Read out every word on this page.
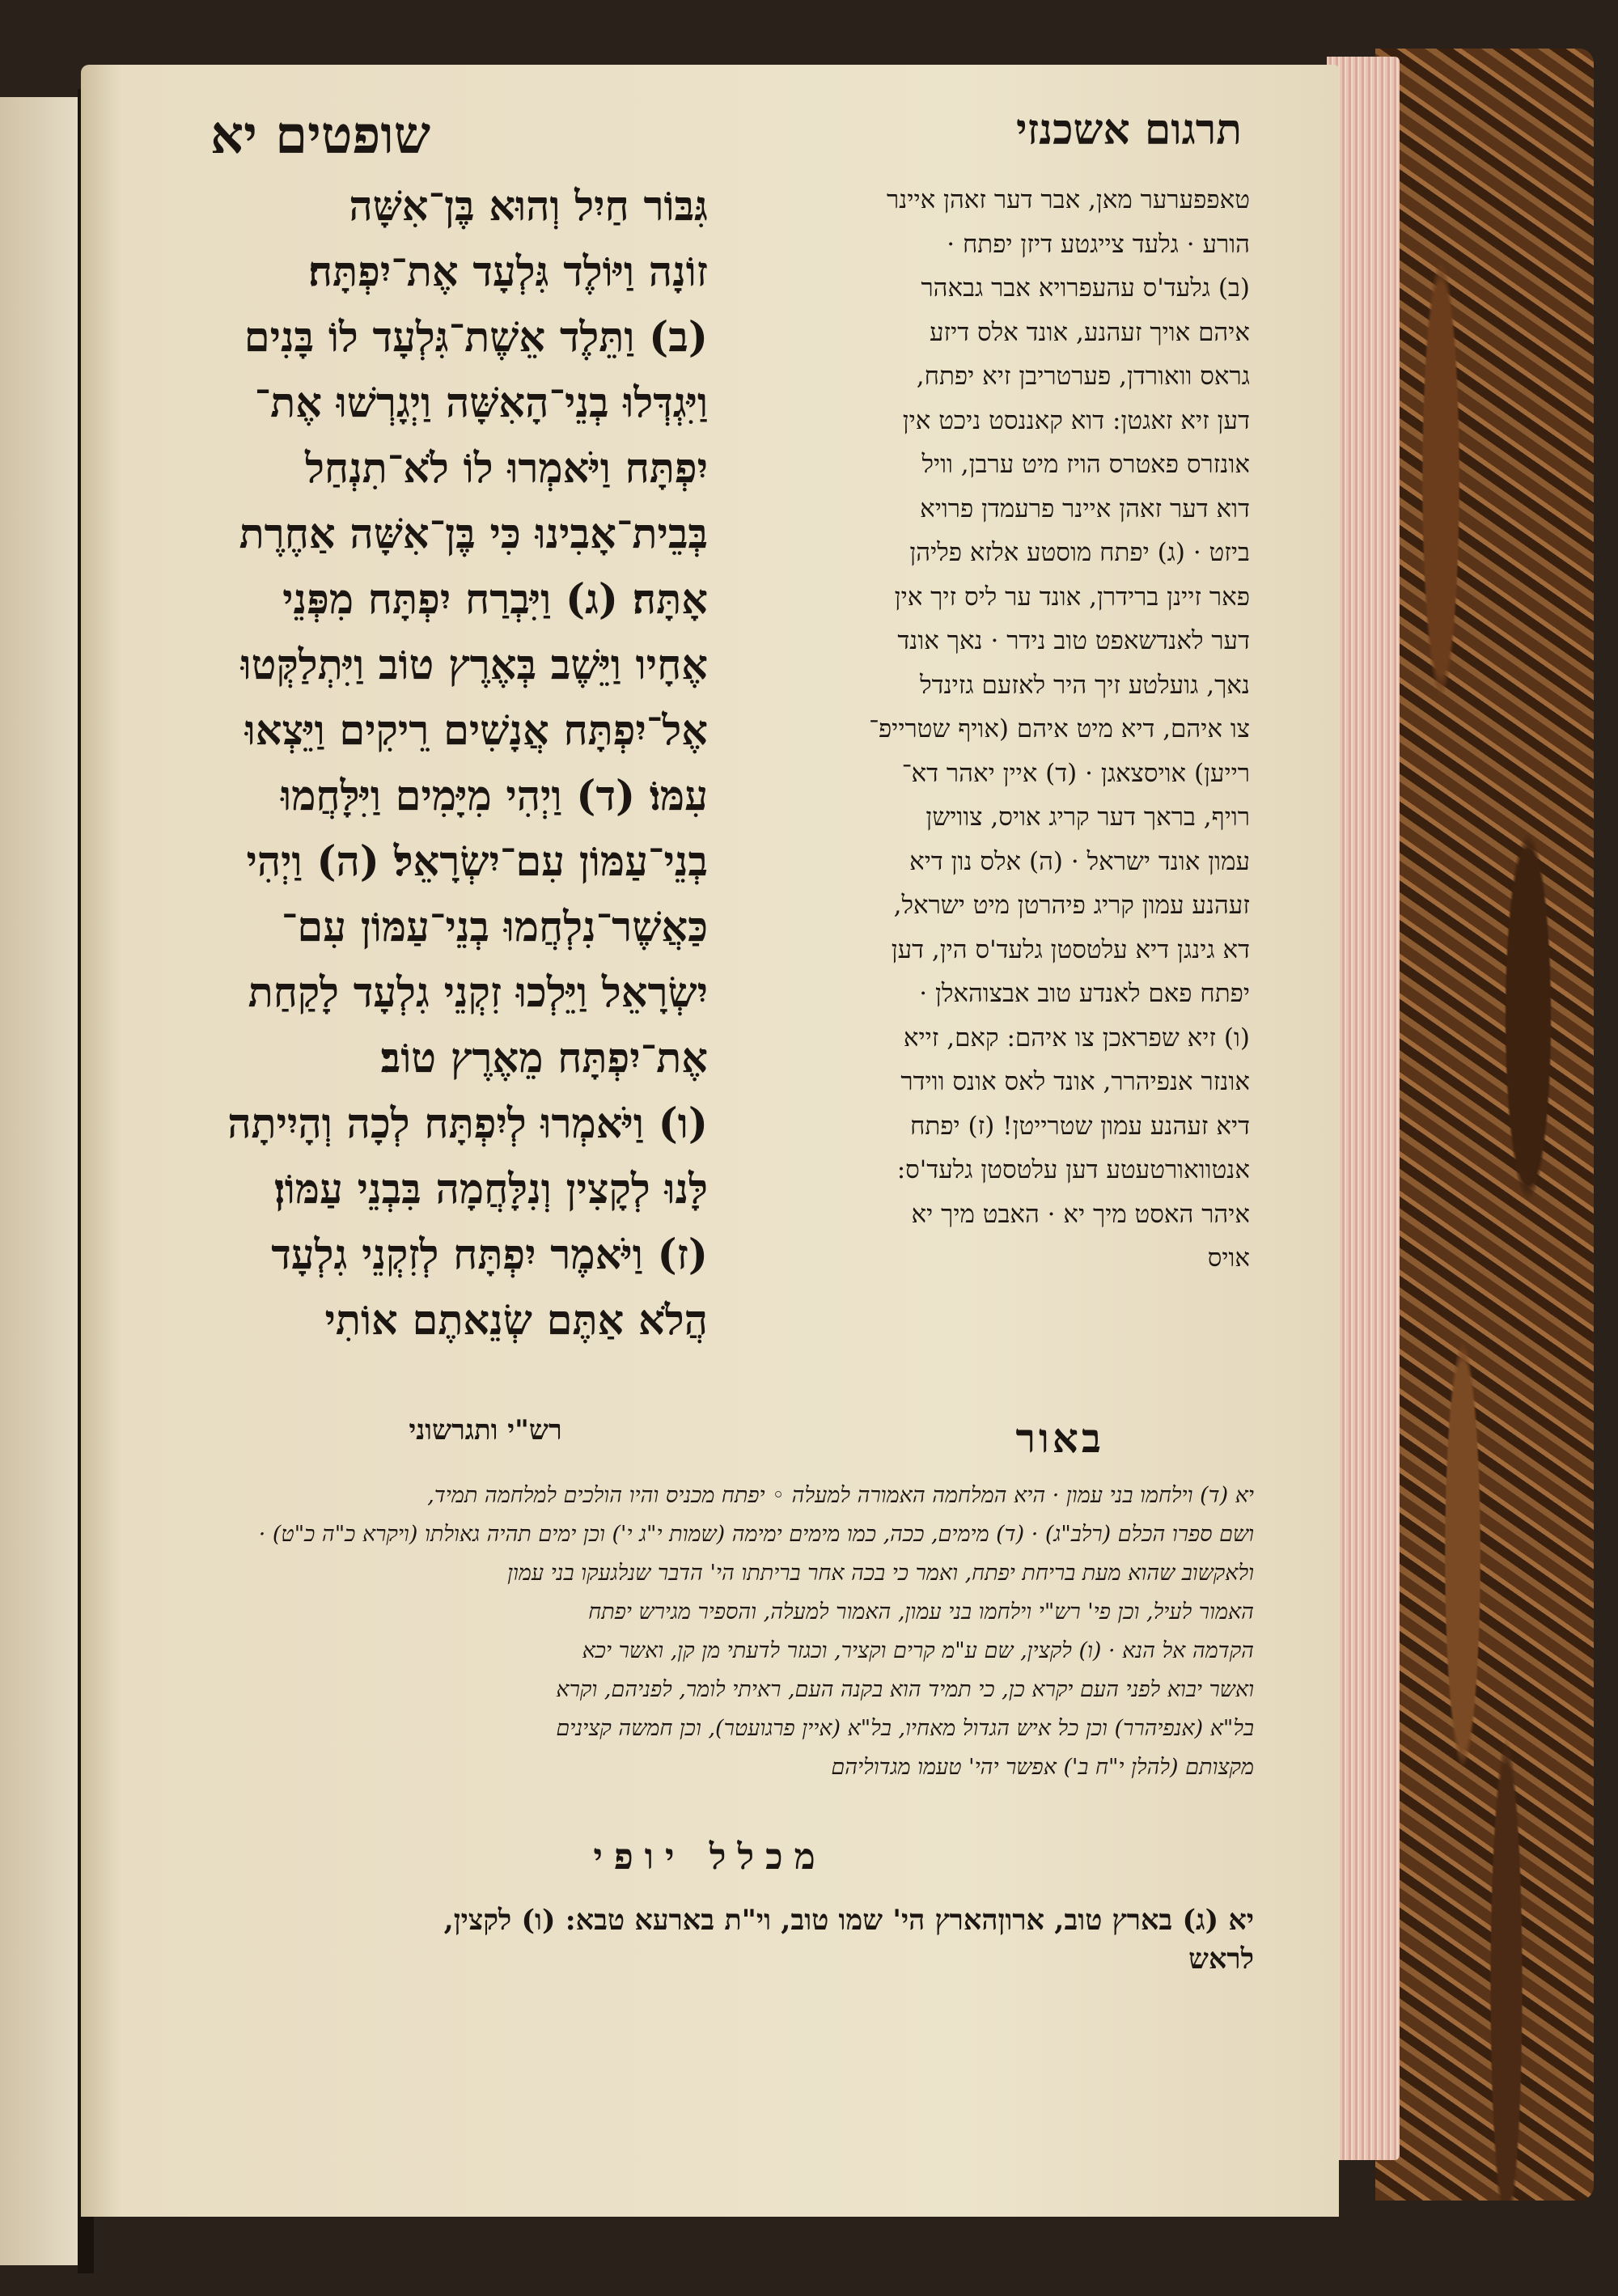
תרגום אשכנזי
שופטים יא

טאפפערער מאן, אבר דער זאהן איינר

הורע · גלעד צייגטע דיזן יפתח ·

(ב) גלעד'ס עהעפרויא אבר גבאהר

איהם אויך זעהנע, אונד אלס דיזע

גראס וואורדן, פערטריבן זיא יפתח,

דען זיא זאגטן: דוא קאננסט ניכט אין

אונזרס פאטרס הויז מיט ערבן, וויל

דוא דער זאהן איינר פרעמדן פרויא

ביזט · (ג) יפתח מוסטע אלזא פליהן

פאר זיינן ברידרן, אונד ער ליס זיך אין

דער לאנדשאפט טוב נידר · נאך אונד

נאך, גועלטע זיך היר לאזעם גזינדל

צו איהם, דיא מיט איהם (אויף שטרייפ־

רייען) אויסצאגן · (ד) איין יאהר דא־

רויף, בראך דער קריג אויס, צווישן

עמון אונד ישראל · (ה) אלס נון דיא

זעהנע עמון קריג פיהרטן מיט ישראל,

דא גינגן דיא עלטסטן גלעד'ס הין, דען

יפתח פאם לאנדע טוב אבצוהאלן ·

(ו) זיא שפראכן צו איהם: קאם, זייא

אונזר אנפיהרר, אונד לאס אונס ווידר

דיא זעהנע עמון שטרייטן! (ז) יפתח

אנטוואורטעטע דען עלטסטן גלעד'ס:

איהר האסט מיך יא · האבט מיך יא

אויס

גִּבּוֹר חַיִל וְהוּא בֶּן־אִשָּׁה

זוֹנָה וַיּוֹלֶד גִּלְעָד אֶת־יִפְתָּח׃

(ב) וַתֵּלֶד אֵשֶׁת־גִּלְעָד לוֹ בָּנִים

וַיִּגְדְּלוּ בְנֵי־הָאִשָּׁה וַיְגָרְשׁוּ אֶת־

יִפְתָּח וַיֹּאמְרוּ לוֹ לֹא־תִנְחַל

בְּבֵית־אָבִינוּ כִּי בֶּן־אִשָּׁה אַחֶרֶת

אָתָּה׃ (ג) וַיִּבְרַח יִפְתָּח מִפְּנֵי

אֶחָיו וַיֵּשֶׁב בְּאֶרֶץ טוֹב וַיִּתְלַקְּטוּ

אֶל־יִפְתָּח אֲנָשִׁים רֵיקִים וַיֵּצְאוּ

עִמּוֹ׃ (ד) וַיְהִי מִיָּמִים וַיִּלָּחֲמוּ

בְנֵי־עַמּוֹן עִם־יִשְׂרָאֵל׃ (ה) וַיְהִי

כַּאֲשֶׁר־נִלְחֲמוּ בְנֵי־עַמּוֹן עִם־

יִשְׂרָאֵל וַיֵּלְכוּ זִקְנֵי גִלְעָד לָקַחַת

אֶת־יִפְתָּח מֵאֶרֶץ טוֹב׃

(ו) וַיֹּאמְרוּ לְיִפְתָּח לְכָה וְהָיִיתָה

לָּנוּ לְקָצִין וְנִלָּחֲמָה בִּבְנֵי עַמּוֹן׃

(ז) וַיֹּאמֶר יִפְתָּח לְזִקְנֵי גִלְעָד

הֲלֹא אַתֶּם שְׂנֵאתֶם אוֹתִי

רש"י ותגרשוני	באור

יא (ד) וילחמו בני עמון · היא המלחמה האמורה למעלה ◦ יפתח מכניס והיו הולכים למלחמה תמיד,

ושם ספרו הכלם (רלב"ג) · (ד) מימים, ככה, כמו מימים ימימה (שמות י"ג י') וכן ימים תהיה גאולתו (ויקרא כ"ה כ"ט) ·

ולאקשוב שהוא מעת בריחת יפתח, ואמר כי בכה אחר בריתתו הי' הדבר שנלגעקו בני עמון

האמור לעיל, וכן פי' רש"י וילחמו בני עמון, האמור למעלה, והספיר מגירש יפתח

הקדמה אל הנא · (ו) לקצין, שם ע"מ קרים וקציר, וכגזר לדעתי מן קן, ואשר יכא

ואשר יבוא לפני העם יקרא כן, כי תמיד הוא בקנה העם, ראיתי לומר, לפניהם, וקרא

בל"א (אנפיהרר) וכן כל איש הגדול מאחיו, בל"א (איין פרגועטר), וכן חמשה קצינים

מקצותם (להלן י"ח ב') אפשר יהי' טעמו מגדוליהם

מכלל יופי

יא (ג) בארץ טוב, ארוןהארץ הי' שמו טוב, וי"ת בארעא טבא: (ו) לקצין,

לראש
